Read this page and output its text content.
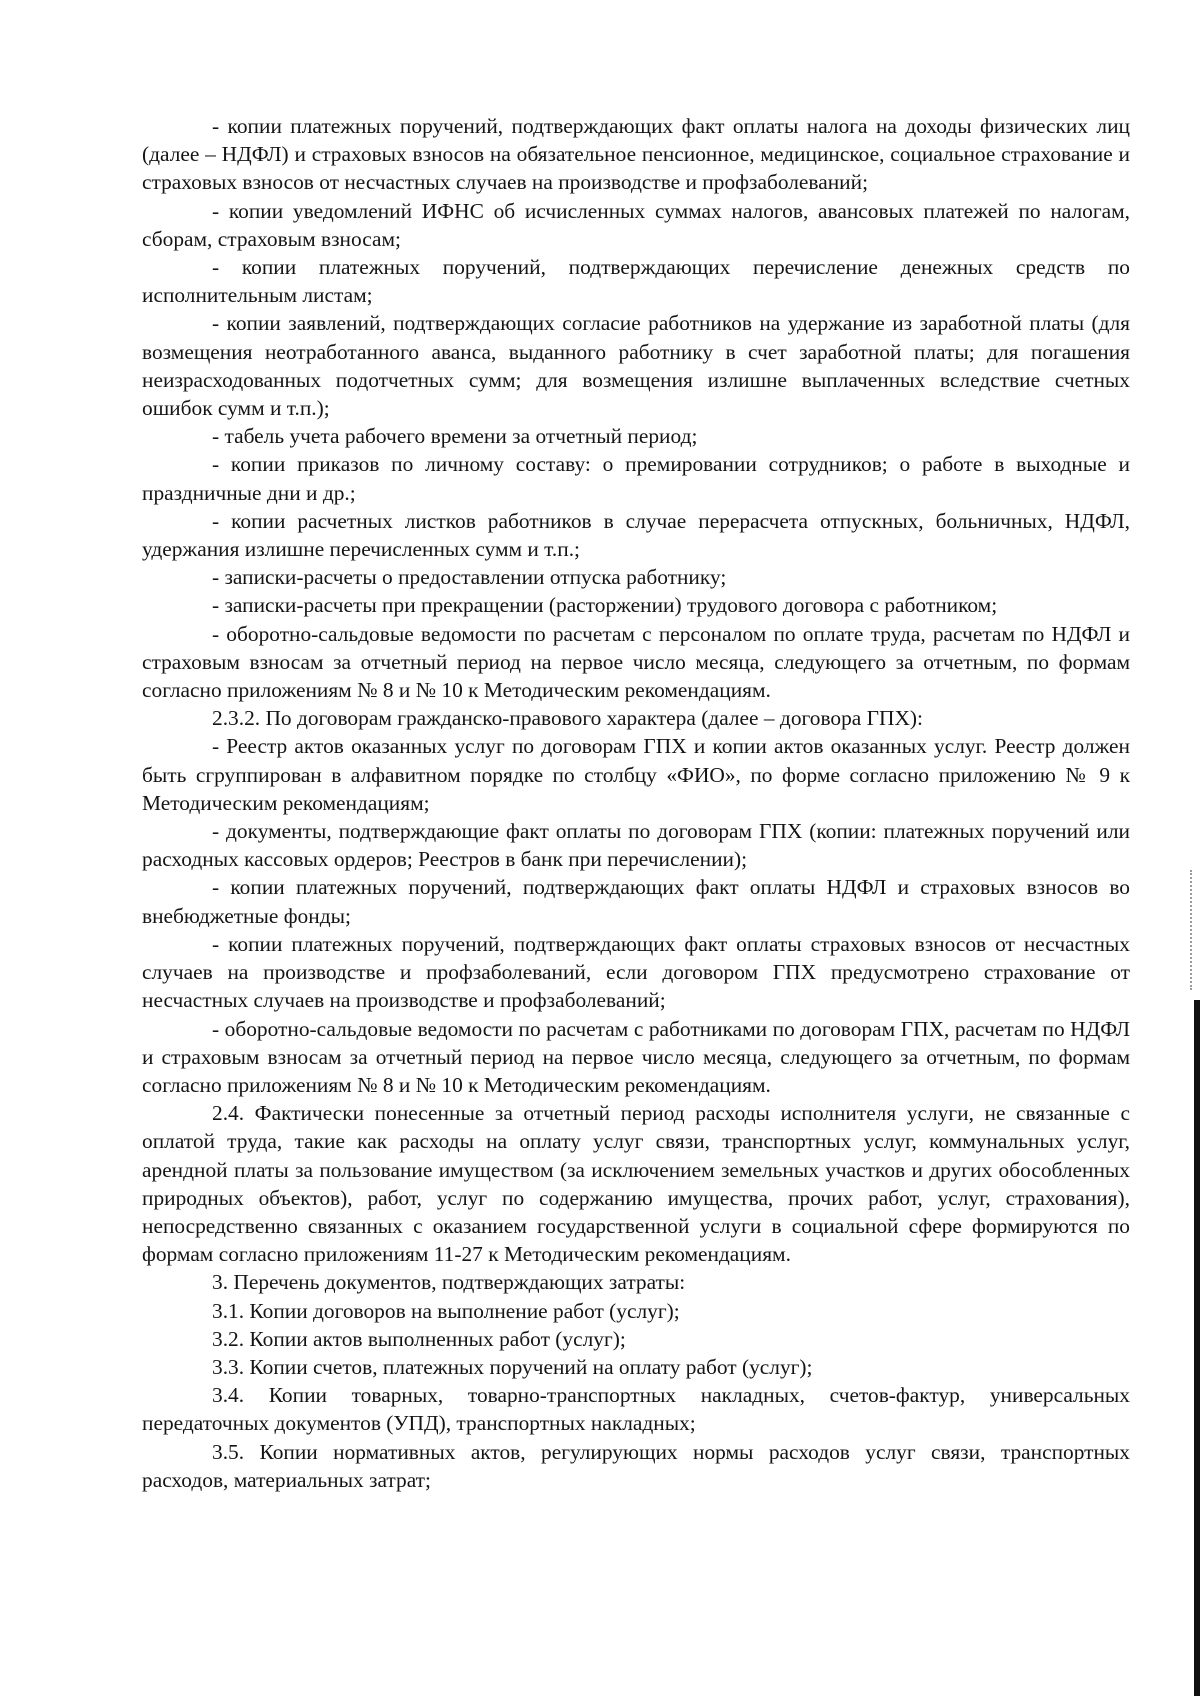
- копии платежных поручений, подтверждающих факт оплаты налога на доходы физических лиц (далее – НДФЛ) и страховых взносов на обязательное пенсионное, медицинское, социальное страхование и страховых взносов от несчастных случаев на производстве и профзаболеваний;

- копии уведомлений ИФНС об исчисленных суммах налогов, авансовых платежей по налогам, сборам, страховым взносам;

- копии платежных поручений, подтверждающих перечисление денежных средств по исполнительным листам;

- копии заявлений, подтверждающих согласие работников на удержание из заработной платы (для возмещения неотработанного аванса, выданного работнику в счет заработной платы; для погашения неизрасходованных подотчетных сумм; для возмещения излишне выплаченных вследствие счетных ошибок сумм и т.п.);

- табель учета рабочего времени за отчетный период;

- копии приказов по личному составу: о премировании сотрудников; о работе в выходные и праздничные дни и др.;

- копии расчетных листков работников в случае перерасчета отпускных, больничных, НДФЛ, удержания излишне перечисленных сумм и т.п.;

- записки-расчеты о предоставлении отпуска работнику;

- записки-расчеты при прекращении (расторжении) трудового договора с работником;

- оборотно-сальдовые ведомости по расчетам с персоналом по оплате труда, расчетам по НДФЛ и страховым взносам за отчетный период на первое число месяца, следующего за отчетным, по формам согласно приложениям № 8 и № 10 к Методическим рекомендациям.

2.3.2. По договорам гражданско-правового характера (далее – договора ГПХ):

- Реестр актов оказанных услуг по договорам ГПХ и копии актов оказанных услуг. Реестр должен быть сгруппирован в алфавитном порядке по столбцу «ФИО», по форме согласно приложению № 9 к Методическим рекомендациям;

- документы, подтверждающие факт оплаты по договорам ГПХ (копии: платежных поручений или расходных кассовых ордеров; Реестров в банк при перечислении);

- копии платежных поручений, подтверждающих факт оплаты НДФЛ и страховых взносов во внебюджетные фонды;

- копии платежных поручений, подтверждающих факт оплаты страховых взносов от несчастных случаев на производстве и профзаболеваний, если договором ГПХ предусмотрено страхование от несчастных случаев на производстве и профзаболеваний;

- оборотно-сальдовые ведомости по расчетам с работниками по договорам ГПХ, расчетам по НДФЛ и страховым взносам за отчетный период на первое число месяца, следующего за отчетным, по формам согласно приложениям № 8 и № 10 к Методическим рекомендациям.

2.4. Фактически понесенные за отчетный период расходы исполнителя услуги, не связанные с оплатой труда, такие как расходы на оплату услуг связи, транспортных услуг, коммунальных услуг, арендной платы за пользование имуществом (за исключением земельных участков и других обособленных природных объектов), работ, услуг по содержанию имущества, прочих работ, услуг, страхования), непосредственно связанных с оказанием государственной услуги в социальной сфере формируются по формам согласно приложениям 11-27 к Методическим рекомендациям.

3. Перечень документов, подтверждающих затраты:

3.1. Копии договоров на выполнение работ (услуг);

3.2. Копии актов выполненных работ (услуг);

3.3. Копии счетов, платежных поручений на оплату работ (услуг);

3.4. Копии товарных, товарно-транспортных накладных, счетов-фактур, универсальных передаточных документов (УПД), транспортных накладных;

3.5. Копии нормативных актов, регулирующих нормы расходов услуг связи, транспортных расходов, материальных затрат;
